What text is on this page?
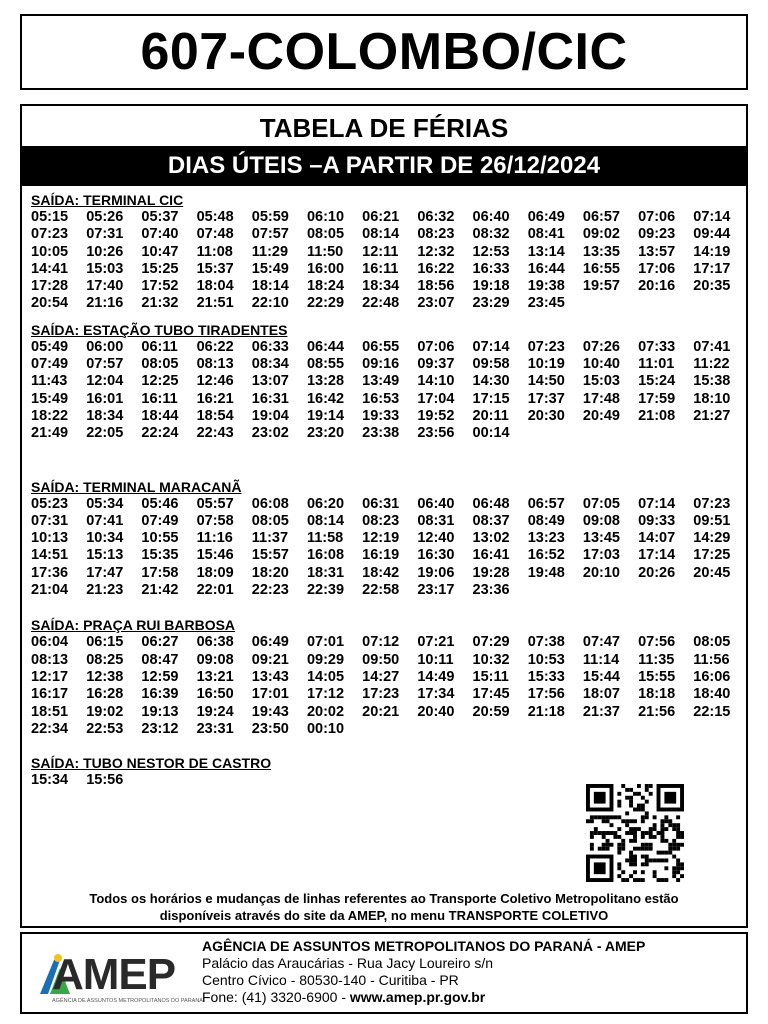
607-COLOMBO/CIC
TABELA DE FÉRIAS
DIAS ÚTEIS –A PARTIR DE 26/12/2024
SAÍDA: TERMINAL CIC
05:15	05:26	05:37	05:48	05:59	06:10	06:21	06:32	06:40	06:49	06:57	07:06	07:14
07:23	07:31	07:40	07:48	07:57	08:05	08:14	08:23	08:32	08:41	09:02	09:23	09:44
10:05	10:26	10:47	11:08	11:29	11:50	12:11	12:32	12:53	13:14	13:35	13:57	14:19
14:41	15:03	15:25	15:37	15:49	16:00	16:11	16:22	16:33	16:44	16:55	17:06	17:17
17:28	17:40	17:52	18:04	18:14	18:24	18:34	18:56	19:18	19:38	19:57	20:16	20:35
20:54	21:16	21:32	21:51	22:10	22:29	22:48	23:07	23:29	23:45
SAÍDA: ESTAÇÃO TUBO TIRADENTES
05:49	06:00	06:11	06:22	06:33	06:44	06:55	07:06	07:14	07:23	07:26	07:33	07:41
07:49	07:57	08:05	08:13	08:34	08:55	09:16	09:37	09:58	10:19	10:40	11:01	11:22
11:43	12:04	12:25	12:46	13:07	13:28	13:49	14:10	14:30	14:50	15:03	15:24	15:38
15:49	16:01	16:11	16:21	16:31	16:42	16:53	17:04	17:15	17:37	17:48	17:59	18:10
18:22	18:34	18:44	18:54	19:04	19:14	19:33	19:52	20:11	20:30	20:49	21:08	21:27
21:49	22:05	22:24	22:43	23:02	23:20	23:38	23:56	00:14
SAÍDA: TERMINAL MARACANÃ
05:23	05:34	05:46	05:57	06:08	06:20	06:31	06:40	06:48	06:57	07:05	07:14	07:23
07:31	07:41	07:49	07:58	08:05	08:14	08:23	08:31	08:37	08:49	09:08	09:33	09:51
10:13	10:34	10:55	11:16	11:37	11:58	12:19	12:40	13:02	13:23	13:45	14:07	14:29
14:51	15:13	15:35	15:46	15:57	16:08	16:19	16:30	16:41	16:52	17:03	17:14	17:25
17:36	17:47	17:58	18:09	18:20	18:31	18:42	19:06	19:28	19:48	20:10	20:26	20:45
21:04	21:23	21:42	22:01	22:23	22:39	22:58	23:17	23:36
SAÍDA: PRAÇA RUI BARBOSA
06:04	06:15	06:27	06:38	06:49	07:01	07:12	07:21	07:29	07:38	07:47	07:56	08:05
08:13	08:25	08:47	09:08	09:21	09:29	09:50	10:11	10:32	10:53	11:14	11:35	11:56
12:17	12:38	12:59	13:21	13:43	14:05	14:27	14:49	15:11	15:33	15:44	15:55	16:06
16:17	16:28	16:39	16:50	17:01	17:12	17:23	17:34	17:45	17:56	18:07	18:18	18:40
18:51	19:02	19:13	19:24	19:43	20:02	20:21	20:40	20:59	21:18	21:37	21:56	22:15
22:34	22:53	23:12	23:31	23:50	00:10
SAÍDA: TUBO NESTOR DE CASTRO
15:34	15:56
Todos os horários e mudanças de linhas referentes ao Transporte Coletivo Metropolitano estão
disponíveis através do site da AMEP, no menu TRANSPORTE COLETIVO
AMEP
AGÊNCIA DE ASSUNTOS METROPOLITANOS DO PARANÁ
AGÊNCIA DE ASSUNTOS METROPOLITANOS DO PARANÁ - AMEP
Palácio das Araucárias - Rua Jacy Loureiro s/n
Centro Cívico - 80530-140 - Curitiba - PR
Fone: (41) 3320-6900 - www.amep.pr.gov.br
